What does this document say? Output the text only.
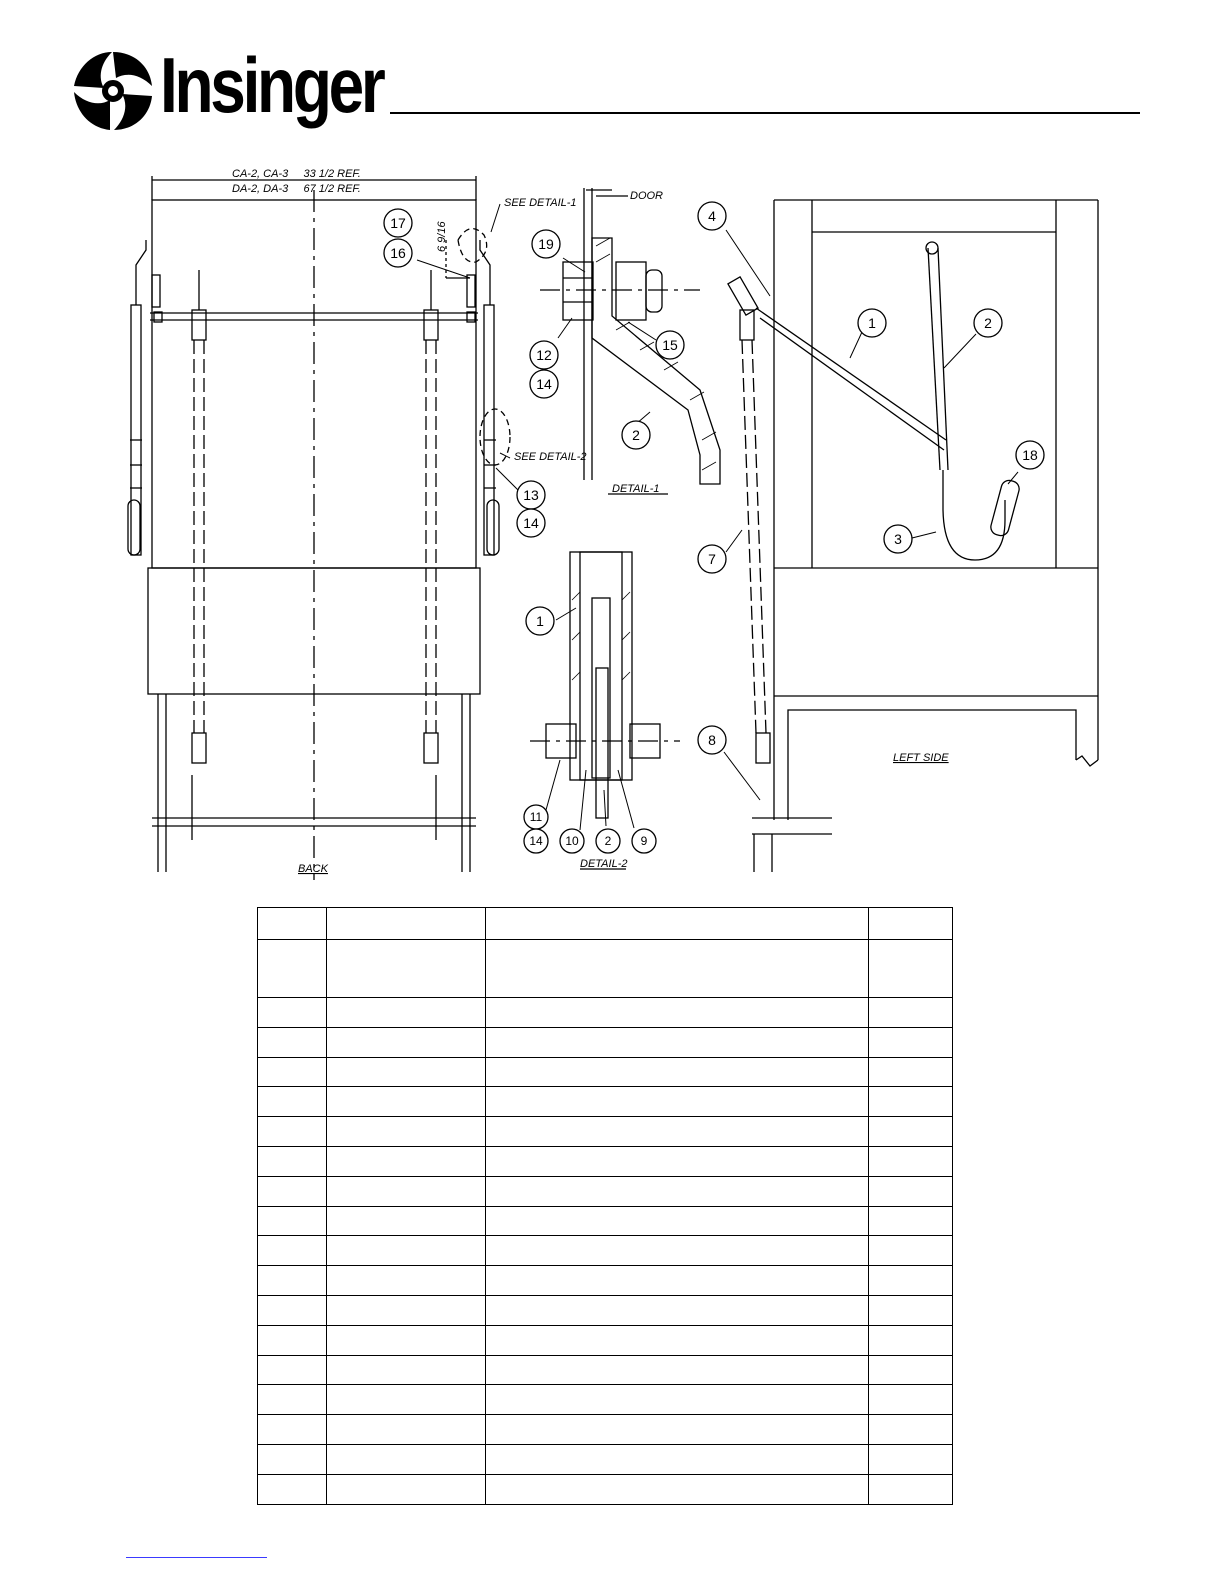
Insinger
17
16
13
14
19
12
14
15
2
1
11
14 10 2 9
4
1	2
18
3
7
8
CA-2, CA-3     33 1/2 REF.
DA-2, DA-3     67 1/2 REF.
6 9/16
SEE DETAIL-1
SEE DETAIL-2
DOOR
BACK
DETAIL-1
DETAIL-2
LEFT SIDE
